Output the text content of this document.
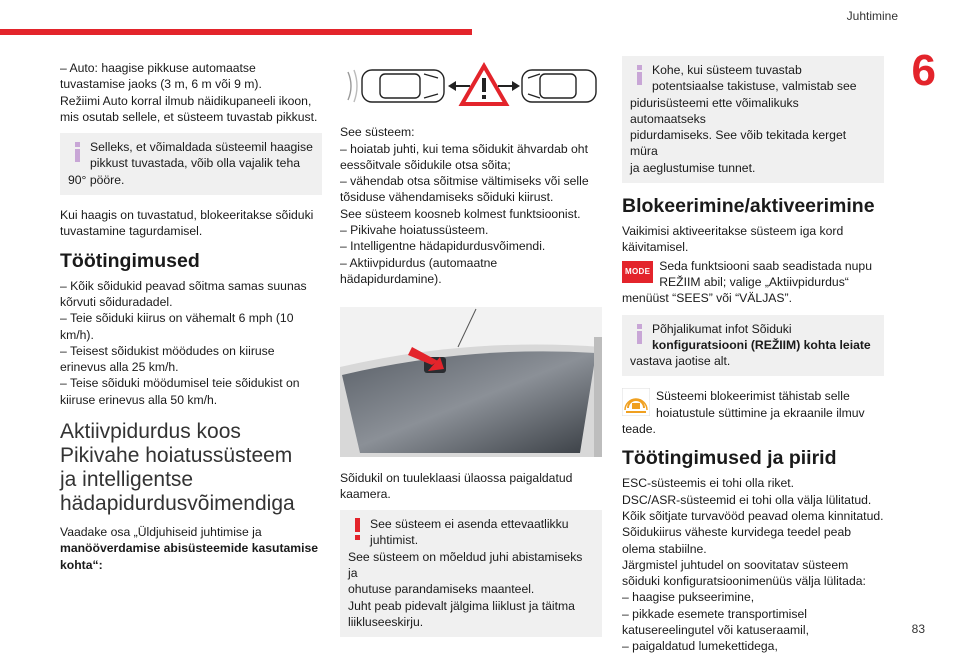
Juhtimine
6
83

– Auto: haagise pikkuse automaatse
tuvastamise jaoks (3 m, 6 m või 9 m).
Režiimi Auto korral ilmub näidikupaneeli ikoon,
mis osutab sellele, et süsteem tuvastab pikkust.

Selleks, et võimaldada süsteemil haagise
pikkust tuvastada, võib olla vajalik teha
90° pööre.

Kui haagis on tuvastatud, blokeeritakse sõiduki
tuvastamine tagurdamisel.

Töötingimused

– Kõik sõidukid peavad sõitma samas suunas
kõrvuti sõiduradadel.
– Teie sõiduki kiirus on vähemalt 6 mph (10
km/h).
– Teisest sõidukist möödudes on kiiruse
erinevus alla 25 km/h.
– Teise sõiduki möödumisel teie sõidukist on
kiiruse erinevus alla 50 km/h.

Aktiivpidurdus koos
Pikivahe hoiatussüsteem
ja intelligentse
hädapidurdusvõimendiga

Vaadake osa „Üldjuhiseid juhtimise ja
manööverdamise abisüsteemide kasutamise
kohta“:

See süsteem:
– hoiatab juhti, kui tema sõidukit ähvardab oht
eessõitvale sõidukile otsa sõita;
– vähendab otsa sõitmise vältimiseks või selle
tõsiduse vähendamiseks sõiduki kiirust.
See süsteem koosneb kolmest funktsioonist.
– Pikivahe hoiatussüsteem.
– Intelligentne hädapidurdusvõimendi.
– Aktiivpidurdus (automaatne hädapidurdamine).

Sõidukil on tuuleklaasi ülaossa paigaldatud
kaamera.

See süsteem ei asenda ettevaatlikku
juhtimist.
See süsteem on mõeldud juhi abistamiseks ja
ohutuse parandamiseks maanteel.
Juht peab pidevalt jälgima liiklust ja täitma
liikluseeskirju.
Kohe, kui süsteem tuvastab
potentsiaalse takistuse, valmistab see
pidurisüsteemi ette võimalikuks automaatseks
pidurdamiseks. See võib tekitada kerget müra
ja aeglustumise tunnet.
Blokeerimine/aktiveerimine

Vaikimisi aktiveeritakse süsteem iga kord
käivitamisel.

MODE Seda funktsiooni saab seadistada nupu
REŽIIM abil; valige „Aktiivpidurdus“
menüüst “SEES” või “VÄLJAS”.

Põhjalikumat infot Sõiduki
konfiguratsiooni (REŽIIM) kohta leiate
vastava jaotise alt.

Süsteemi blokeerimist tähistab selle
hoiatustule süttimine ja ekraanile ilmuv
teade.

Töötingimused ja piirid

ESC-süsteemis ei tohi olla riket.
DSC/ASR-süsteemid ei tohi olla välja lülitatud.
Kõik sõitjate turvavööd peavad olema kinnitatud.
Sõidukiirus väheste kurvidega teedel peab
olema stabiilne.
Järgmistel juhtudel on soovitatav süsteem
sõiduki konfiguratsioonimenüüs välja lülitada:
– haagise pukseerimine,
– pikkade esemete transportimisel
katusereelingutel või katuseraamil,
– paigaldatud lumekettidega,
